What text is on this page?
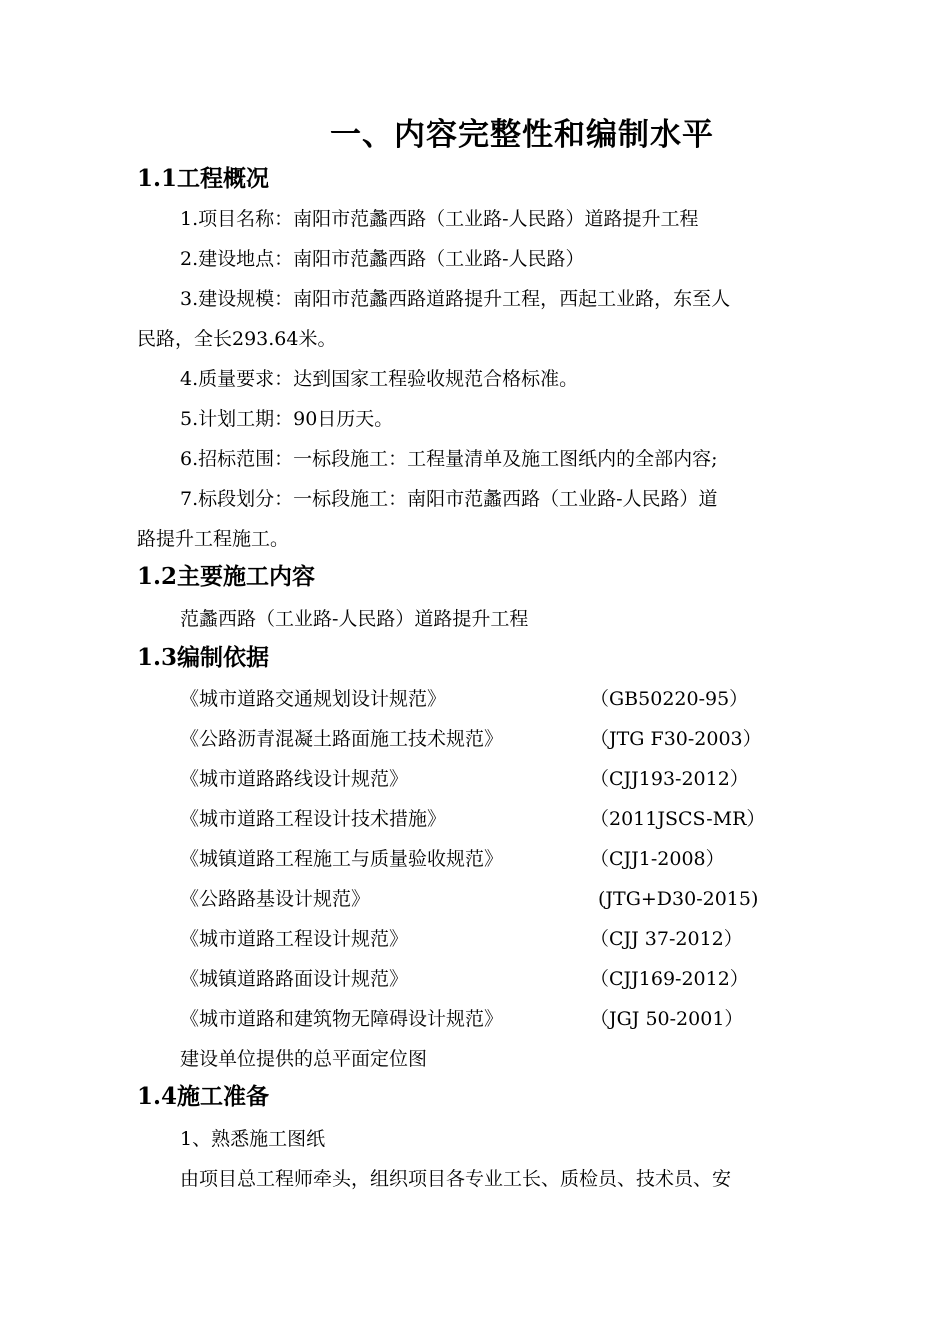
一、内容完整性和编制水平
1.1工程概况
1.项目名称：南阳市范蠡西路（工业路-人民路）道路提升工程
2.建设地点：南阳市范蠡西路（工业路-人民路）
3.建设规模：南阳市范蠡西路道路提升工程，西起工业路，东至人
民路，全长293.64米。
4.质量要求：达到国家工程验收规范合格标准。
5.计划工期：90日历天。
6.招标范围：一标段施工：工程量清单及施工图纸内的全部内容;
7.标段划分：一标段施工：南阳市范蠡西路（工业路-人民路）道
路提升工程施工。
1.2主要施工内容
范蠡西路（工业路-人民路）道路提升工程
1.3编制依据
《城市道路交通规划设计规范》	（GB50220-95）
《公路沥青混凝土路面施工技术规范》	（JTG F30-2003）
《城市道路路线设计规范》	（CJJ193-2012）
《城市道路工程设计技术措施》	（2011JSCS-MR）
《城镇道路工程施工与质量验收规范》	（CJJ1-2008）
《公路路基设计规范》	(JTG+D30-2015)
《城市道路工程设计规范》	（CJJ 37-2012）
《城镇道路路面设计规范》	（CJJ169-2012）
《城市道路和建筑物无障碍设计规范》	（JGJ 50-2001）
建设单位提供的总平面定位图
1.4施工准备
1、熟悉施工图纸
由项目总工程师牵头，组织项目各专业工长、质检员、技术员、安
